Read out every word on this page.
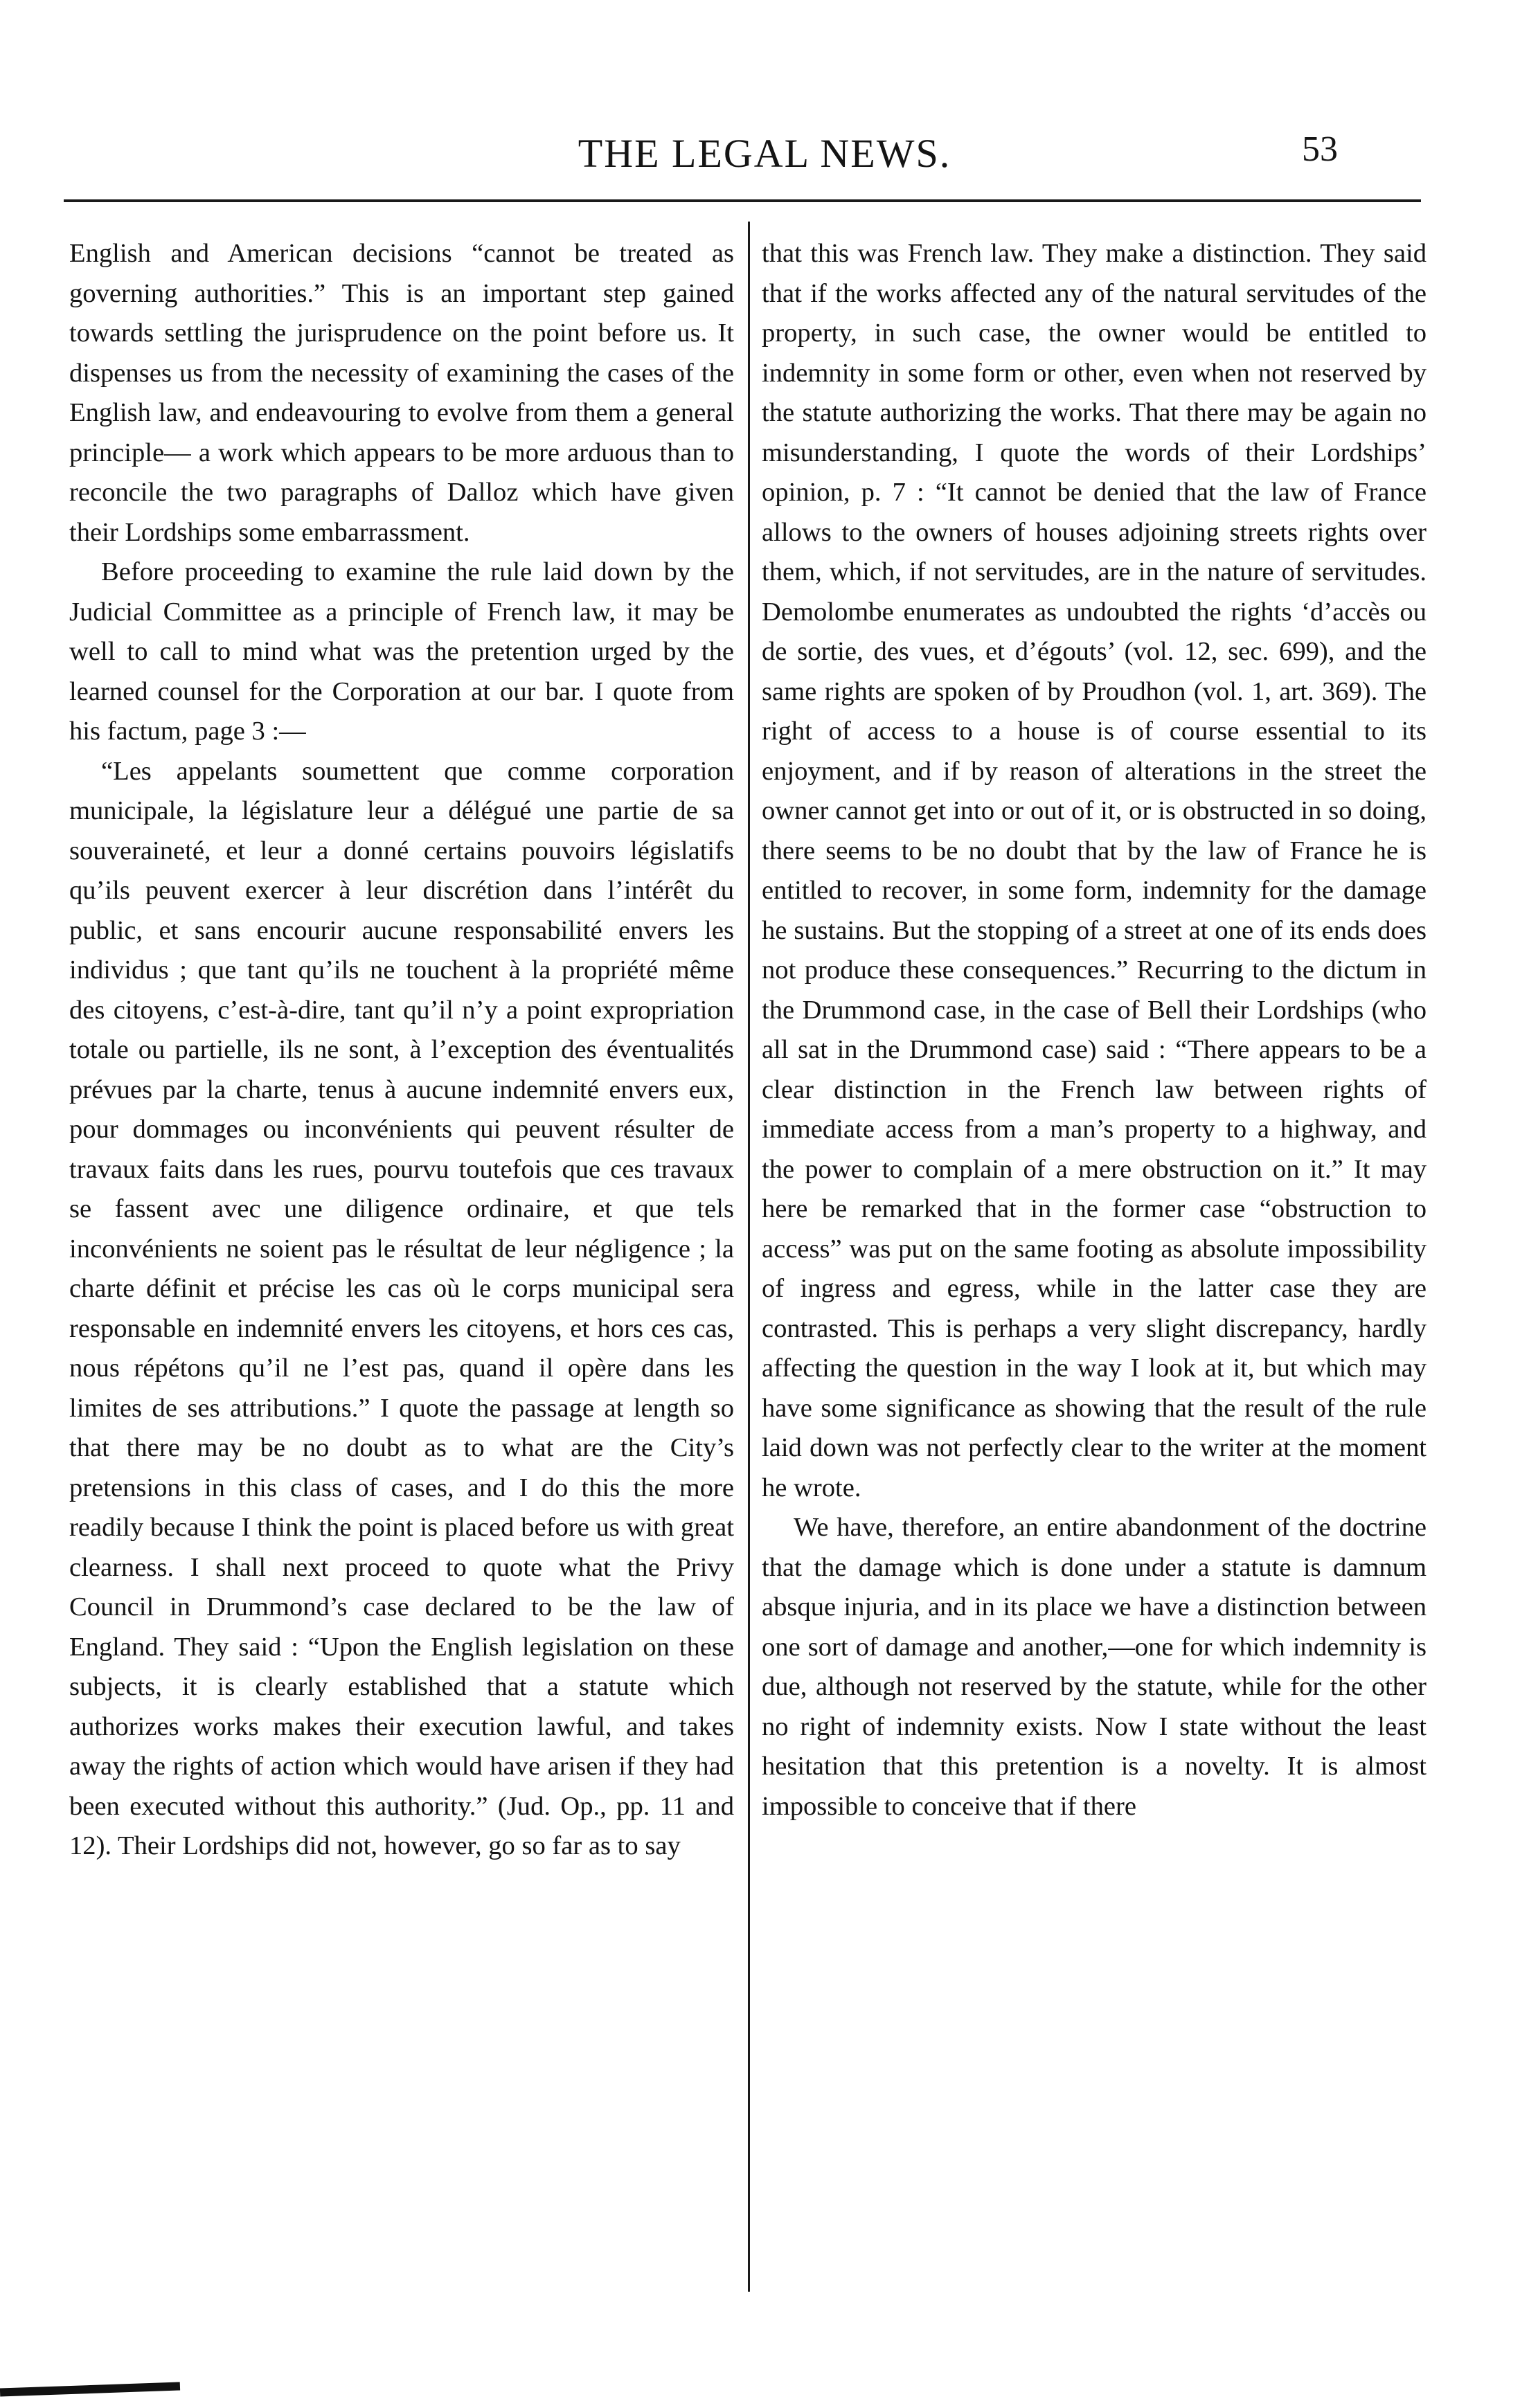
THE LEGAL NEWS.	53

English and American decisions “cannot be treated as governing authorities.” This is an important step gained towards settling the jurisprudence on the point before us. It dispenses us from the necessity of examining the cases of the English law, and endeavouring to evolve from them a general principle— a work which appears to be more arduous than to reconcile the two paragraphs of Dalloz which have given their Lordships some embarrassment.

Before proceeding to examine the rule laid down by the Judicial Committee as a principle of French law, it may be well to call to mind what was the pretention urged by the learned counsel for the Corporation at our bar. I quote from his factum, page 3 :—

“Les appelants soumettent que comme corporation municipale, la législature leur a délégué une partie de sa souveraineté, et leur a donné certains pouvoirs législatifs qu’ils peuvent exercer à leur discrétion dans l’intérêt du public, et sans encourir aucune responsabilité envers les individus ; que tant qu’ils ne touchent à la propriété même des citoyens, c’est-à-dire, tant qu’il n’y a point expropriation totale ou partielle, ils ne sont, à l’exception des éventualités prévues par la charte, tenus à aucune indemnité envers eux, pour dommages ou inconvénients qui peuvent résulter de travaux faits dans les rues, pourvu toutefois que ces travaux se fassent avec une diligence ordinaire, et que tels inconvénients ne soient pas le résultat de leur négligence ; la charte définit et précise les cas où le corps municipal sera responsable en indemnité envers les citoyens, et hors ces cas, nous répétons qu’il ne l’est pas, quand il opère dans les limites de ses attributions.” I quote the passage at length so that there may be no doubt as to what are the City’s pretensions in this class of cases, and I do this the more readily because I think the point is placed before us with great clearness. I shall next proceed to quote what the Privy Council in Drummond’s case declared to be the law of England. They said : “Upon the English legislation on these subjects, it is clearly established that a statute which authorizes works makes their execution lawful, and takes away the rights of action which would have arisen if they had been executed without this authority.” (Jud. Op., pp. 11 and 12). Their Lordships did not, however, go so far as to say

that this was French law. They make a distinction. They said that if the works affected any of the natural servitudes of the property, in such case, the owner would be entitled to indemnity in some form or other, even when not reserved by the statute authorizing the works. That there may be again no misunderstanding, I quote the words of their Lordships’ opinion, p. 7 : “It cannot be denied that the law of France allows to the owners of houses adjoining streets rights over them, which, if not servitudes, are in the nature of servitudes. Demolombe enumerates as undoubted the rights ‘d’accès ou de sortie, des vues, et d’égouts’ (vol. 12, sec. 699), and the same rights are spoken of by Proudhon (vol. 1, art. 369). The right of access to a house is of course essential to its enjoyment, and if by reason of alterations in the street the owner cannot get into or out of it, or is obstructed in so doing, there seems to be no doubt that by the law of France he is entitled to recover, in some form, indemnity for the damage he sustains. But the stopping of a street at one of its ends does not produce these consequences.” Recurring to the dictum in the Drummond case, in the case of Bell their Lordships (who all sat in the Drummond case) said : “There appears to be a clear distinction in the French law between rights of immediate access from a man’s property to a highway, and the power to complain of a mere obstruction on it.” It may here be remarked that in the former case “obstruction to access” was put on the same footing as absolute impossibility of ingress and egress, while in the latter case they are contrasted. This is perhaps a very slight discrepancy, hardly affecting the question in the way I look at it, but which may have some significance as showing that the result of the rule laid down was not perfectly clear to the writer at the moment he wrote.

We have, therefore, an entire abandonment of the doctrine that the damage which is done under a statute is damnum absque injuria, and in its place we have a distinction between one sort of damage and another,—one for which indemnity is due, although not reserved by the statute, while for the other no right of indemnity exists. Now I state without the least hesitation that this pretention is a novelty. It is almost impossible to conceive that if there
